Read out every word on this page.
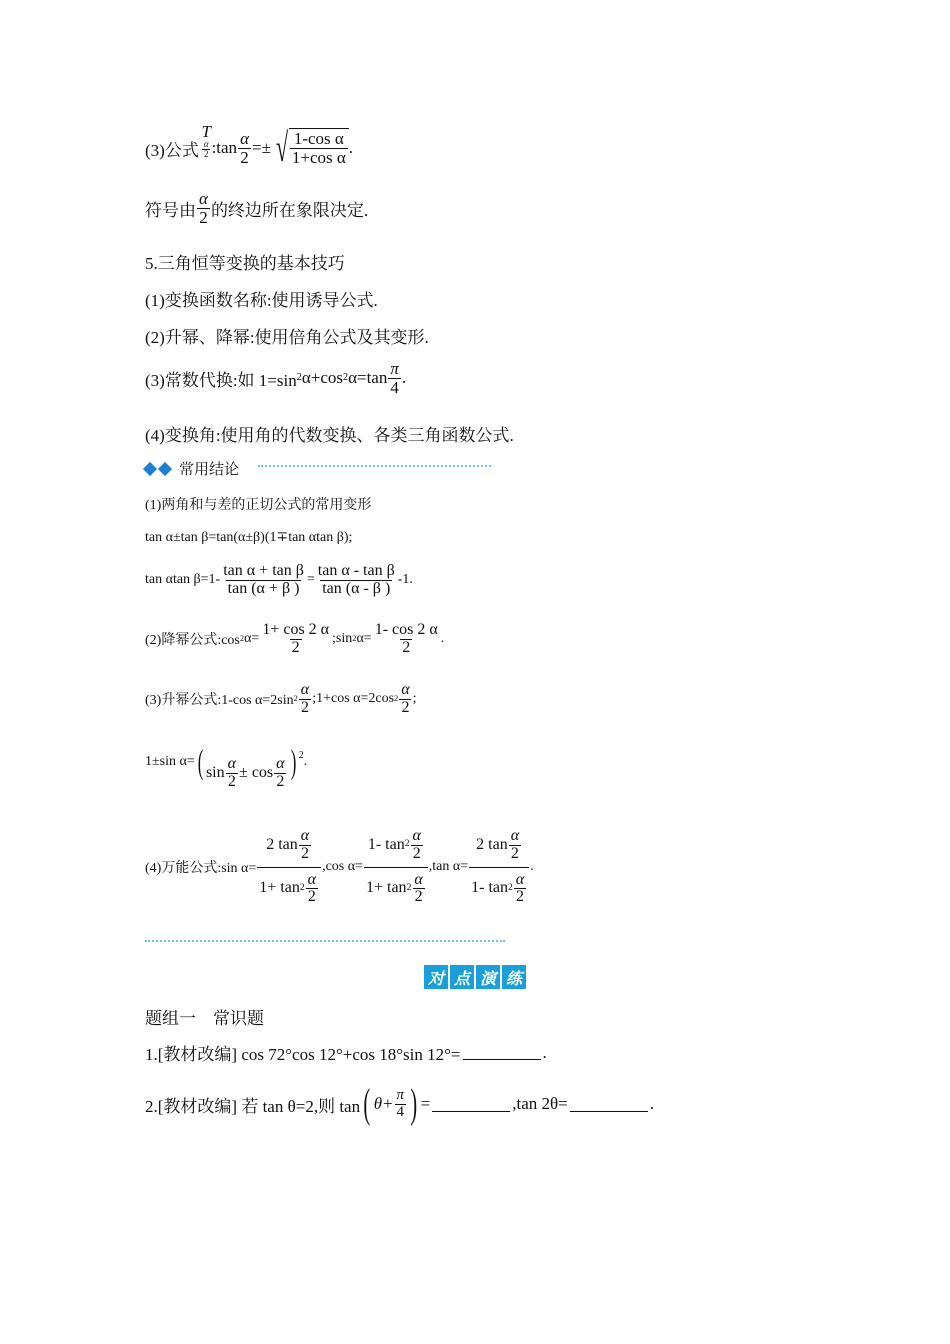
(3)公式
T
$\frac{\alpha}{2}$ :tan $\frac{\alpha}{2}$ =± √ $\frac{\text{1-cos α}}{\text{1+cos α}}$ .
符号由 $\frac{\alpha}{2}$ 的终边所在象限决定.
5.三角恒等变换的基本技巧
(1)变换函数名称:使用诱导公式.
(2)升幂、降幂:使用倍角公式及其变形.
(3)常数代换:如 1=sin 2 α+cos 2 $\alpha=\tan \frac{\pi}{4}$ .
(4)变换角:使用角的代数变换、各类三角函数公式.
常用结论
(1)两角和与差的正切公式的常用变形
tan α±tan β=tan(α±β)(1∓tan αtan β);
tan αtan $\beta=1- \frac{\text{tan α + tan β}}{\tan (\alpha + \beta )} = \frac{\text{tan α - tan β}}{\tan (\alpha - \beta )} -1$.
(2)降幂公式:cos 2 $\alpha= \frac{1+ \cos 2 \alpha}{2}$ ;sin 2 $\alpha= \frac{1- \cos 2 \alpha}{2}$ .
(3)升幂公式:1-cos α=2sin $2 \frac{\alpha}{2}$ ;1+cos α=2cos $2 \frac{\alpha}{2}$ ;
1±sin α= ( $\sin \frac{\alpha}{2} \pm \cos \frac{\alpha}{2}$ ) 2 .
(4)万能公式:sin $\alpha= \frac{2 \tan \frac{\alpha}{2}}{1+ \tan 2 \frac{\alpha}{2}} ,\cos$ $\alpha= \frac{1- \tan 2 \frac{\alpha}{2}}{1+ \tan 2 \frac{\alpha}{2}} ,\tan$ $\alpha= \frac{2 \tan \frac{\alpha}{2}}{1- \tan 2 \frac{\alpha}{2}}$ .
对 点 演 练
题组一　常识题
1.[教材改编] cos 72°cos 12°+cos 18°sin 12°=	.
2.[教材改编] 若 tan θ=2,则 tan ( $\theta+ \frac{\pi}{4}$ ) =	,tan 2θ=	.
